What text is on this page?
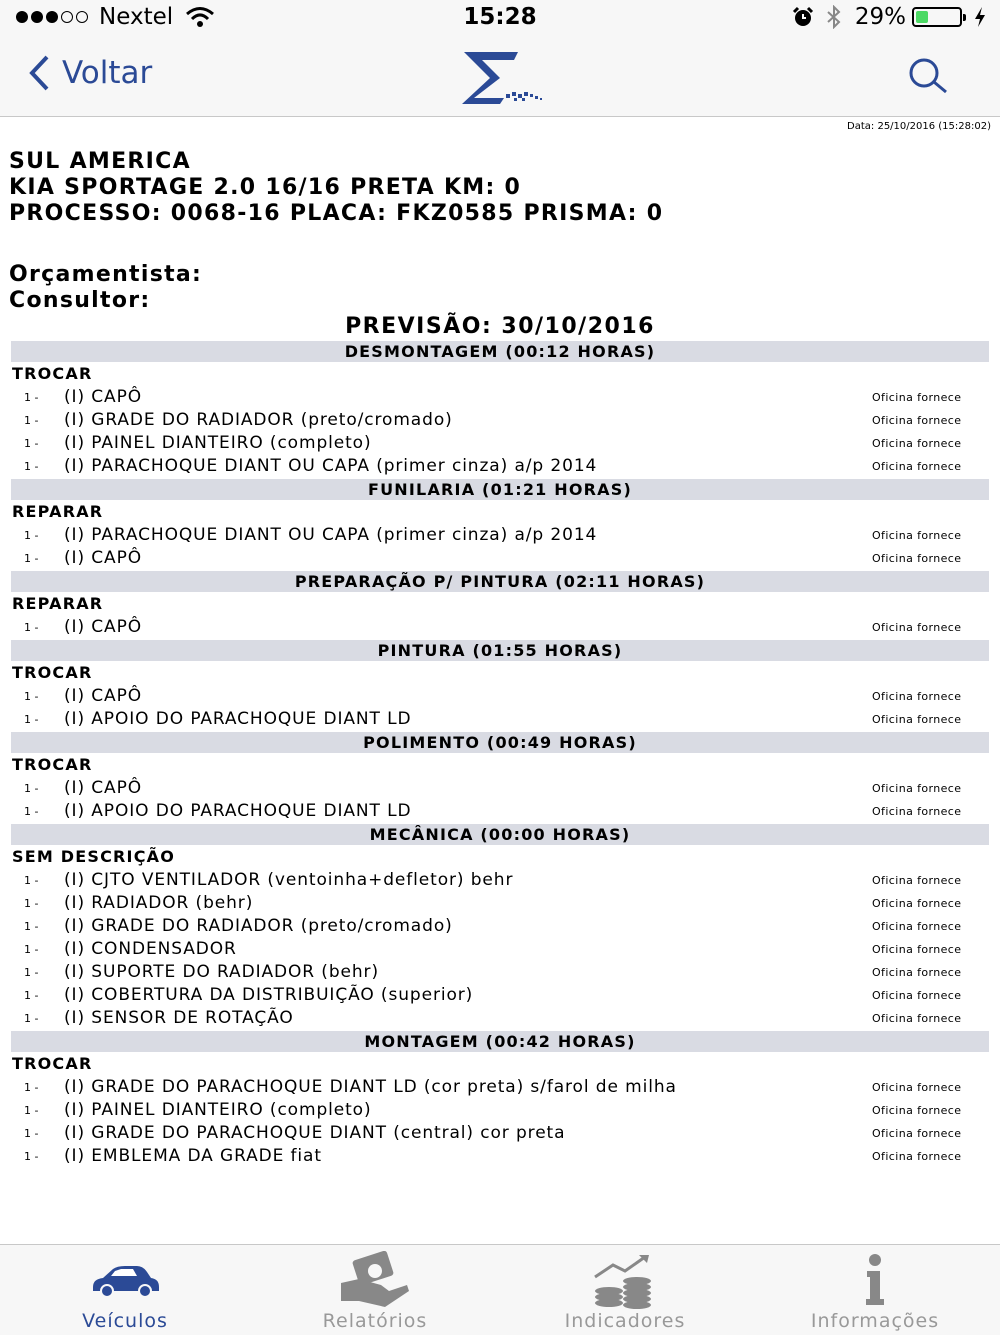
Nextel	15:28	29%
Voltar
Data: 25/10/2016 (15:28:02)
SUL AMERICA
KIA SPORTAGE 2.0 16/16 PRETA KM: 0
PROCESSO: 0068-16 PLACA: FKZ0585 PRISMA: 0
Orçamentista:
Consultor:
PREVISÃO: 30/10/2016
DESMONTAGEM (00:12 HORAS)
TROCAR
1 - (I) CAPÔ	Oficina fornece
1 - (I) GRADE DO RADIADOR (preto/cromado)	Oficina fornece
1 - (I) PAINEL DIANTEIRO (completo)	Oficina fornece
1 - (I) PARACHOQUE DIANT OU CAPA (primer cinza) a/p 2014	Oficina fornece
FUNILARIA (01:21 HORAS)
REPARAR
1 - (I) PARACHOQUE DIANT OU CAPA (primer cinza) a/p 2014	Oficina fornece
1 - (I) CAPÔ	Oficina fornece
PREPARAÇÃO P/ PINTURA (02:11 HORAS)
REPARAR
1 - (I) CAPÔ	Oficina fornece
PINTURA (01:55 HORAS)
TROCAR
1 - (I) CAPÔ	Oficina fornece
1 - (I) APOIO DO PARACHOQUE DIANT LD	Oficina fornece
POLIMENTO (00:49 HORAS)
TROCAR
1 - (I) CAPÔ	Oficina fornece
1 - (I) APOIO DO PARACHOQUE DIANT LD	Oficina fornece
MECÂNICA (00:00 HORAS)
SEM DESCRIÇÃO
1 - (I) CJTO VENTILADOR (ventoinha+defletor) behr	Oficina fornece
1 - (I) RADIADOR (behr)	Oficina fornece
1 - (I) GRADE DO RADIADOR (preto/cromado)	Oficina fornece
1 - (I) CONDENSADOR	Oficina fornece
1 - (I) SUPORTE DO RADIADOR (behr)	Oficina fornece
1 - (I) COBERTURA DA DISTRIBUIÇÃO (superior)	Oficina fornece
1 - (I) SENSOR DE ROTAÇÃO	Oficina fornece
MONTAGEM (00:42 HORAS)
TROCAR
1 - (I) GRADE DO PARACHOQUE DIANT LD (cor preta) s/farol de milha	Oficina fornece
1 - (I) PAINEL DIANTEIRO (completo)	Oficina fornece
1 - (I) GRADE DO PARACHOQUE DIANT (central) cor preta	Oficina fornece
1 - (I) EMBLEMA DA GRADE fiat	Oficina fornece
Veículos	Relatórios	Indicadores	Informações
